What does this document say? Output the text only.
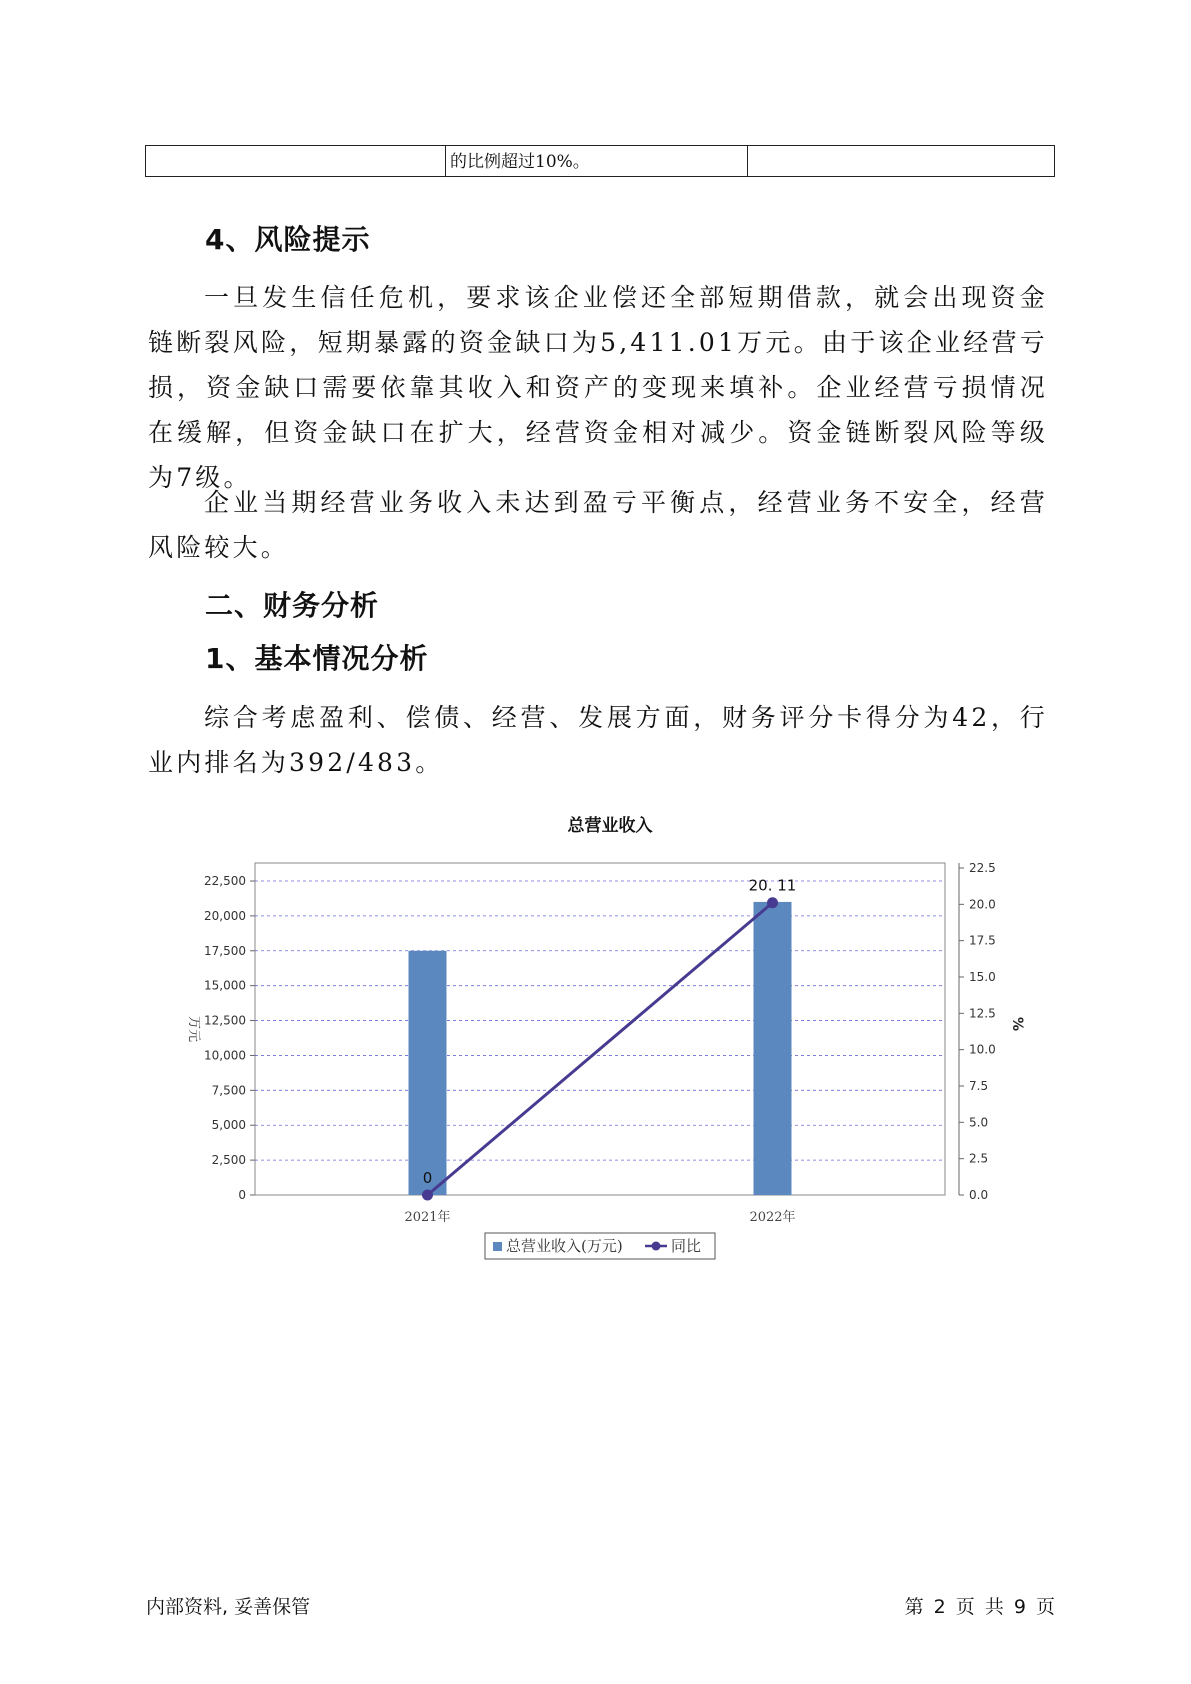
的比例超过10%。
4、风险提示

一旦发生信任危机，要求该企业偿还全部短期借款，就会出现资金链断裂风险，短期暴露的资金缺口为5,411.01万元。由于该企业经营亏损，资金缺口需要依靠其收入和资产的变现来填补。企业经营亏损情况在缓解，但资金缺口在扩大，经营资金相对减少。资金链断裂风险等级为7级。

企业当期经营业务收入未达到盈亏平衡点，经营业务不安全，经营风险较大。

二、财务分析
1、基本情况分析

综合考虑盈利、偿债、经营、发展方面，财务评分卡得分为42，行业内排名为392/483。

总营业收入
0
2,500
5,000
7,500
10,000
12,500
15,000
17,500
20,000
22,500
0.0
2.5
5.0
7.5
10.0
12.5
15.0
17.5
20.0
22.5
万元	%
2021年	2022年
0
20. 11
总营业收入(万元)	同比
内部资料, 妥善保管	第 2 页 共 9 页
